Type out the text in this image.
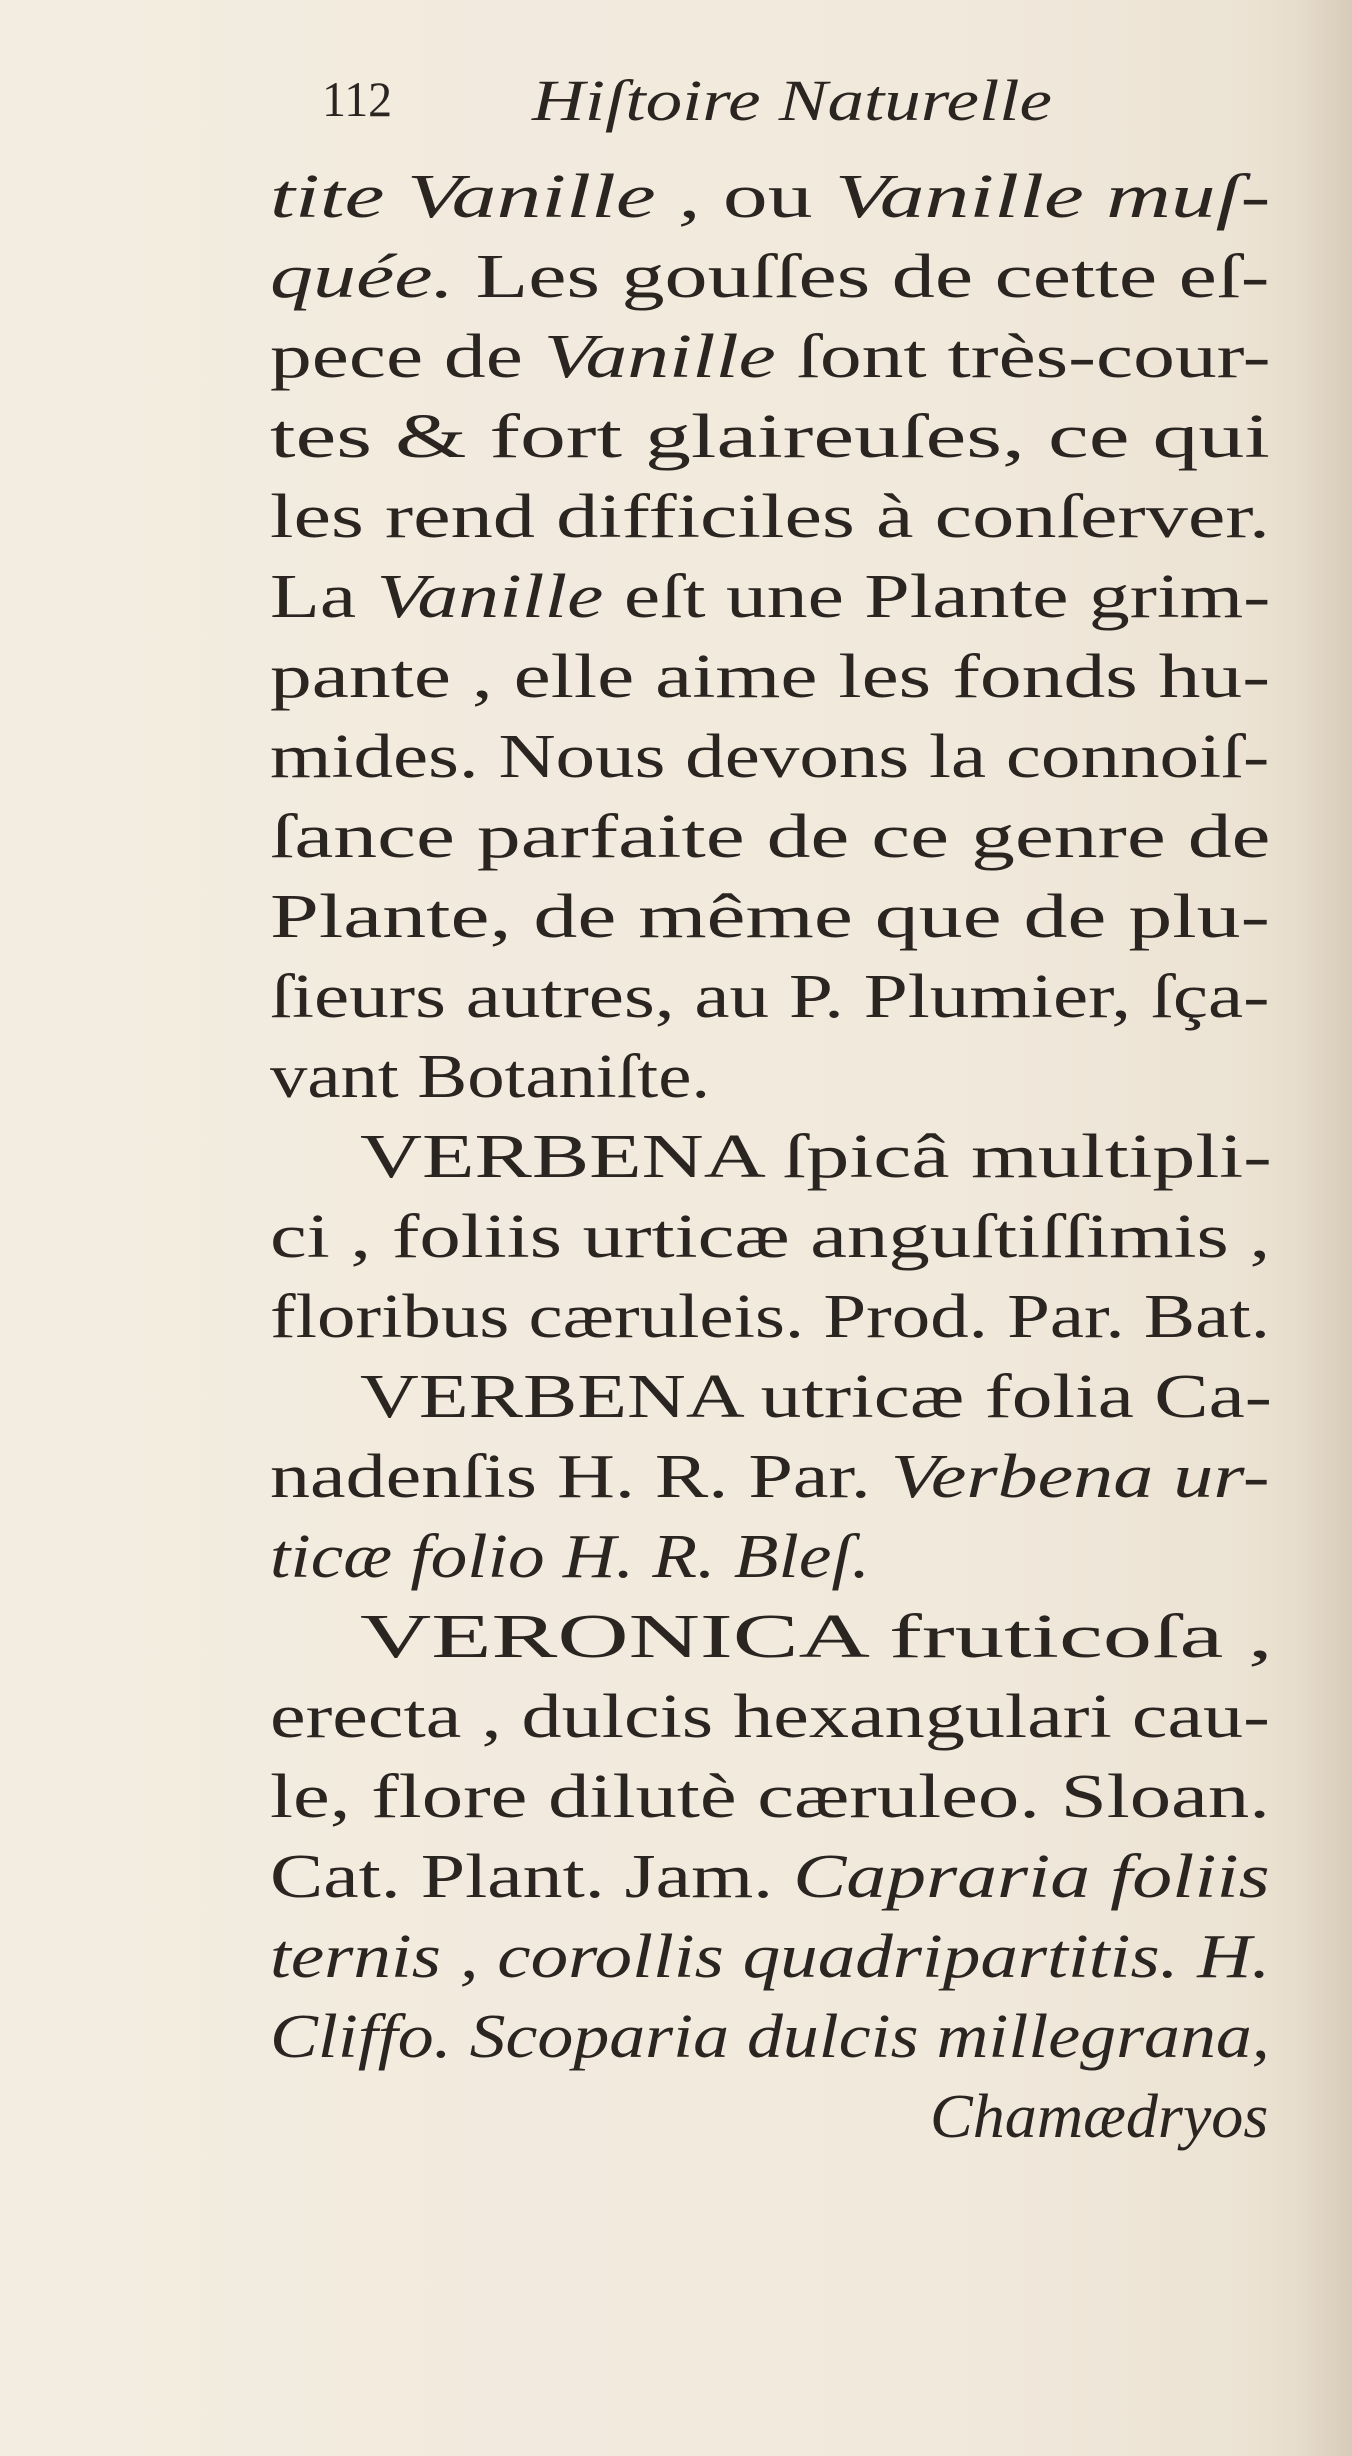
112 Hiſtoire Naturelle
tite Vanille , ou Vanille muſ-
quée. Les gouſſes de cette eſ-
pece de Vanille ſont très-cour-
tes & fort glaireuſes, ce qui
les rend difficiles à conſerver.
La Vanille eſt une Plante grim-
pante , elle aime les fonds hu-
mides. Nous devons la connoiſ-
ſance parfaite de ce genre de
Plante, de même que de plu-
ſieurs autres, au P. Plumier, ſça-
vant Botaniſte.
VERBENA ſpicâ multipli-
ci , foliis urticæ anguſtiſſimis ,
floribus cæruleis. Prod. Par. Bat.
VERBENA utricæ folia Ca-
nadenſis H. R. Par. Verbena ur-
ticæ folio H. R. Bleſ.
VERONICA fruticoſa ,
erecta , dulcis hexangulari cau-
le, flore dilutè cæruleo. Sloan.
Cat. Plant. Jam. Capraria foliis
ternis , corollis quadripartitis. H.
Cliffo. Scoparia dulcis millegrana,
Chamædryos
